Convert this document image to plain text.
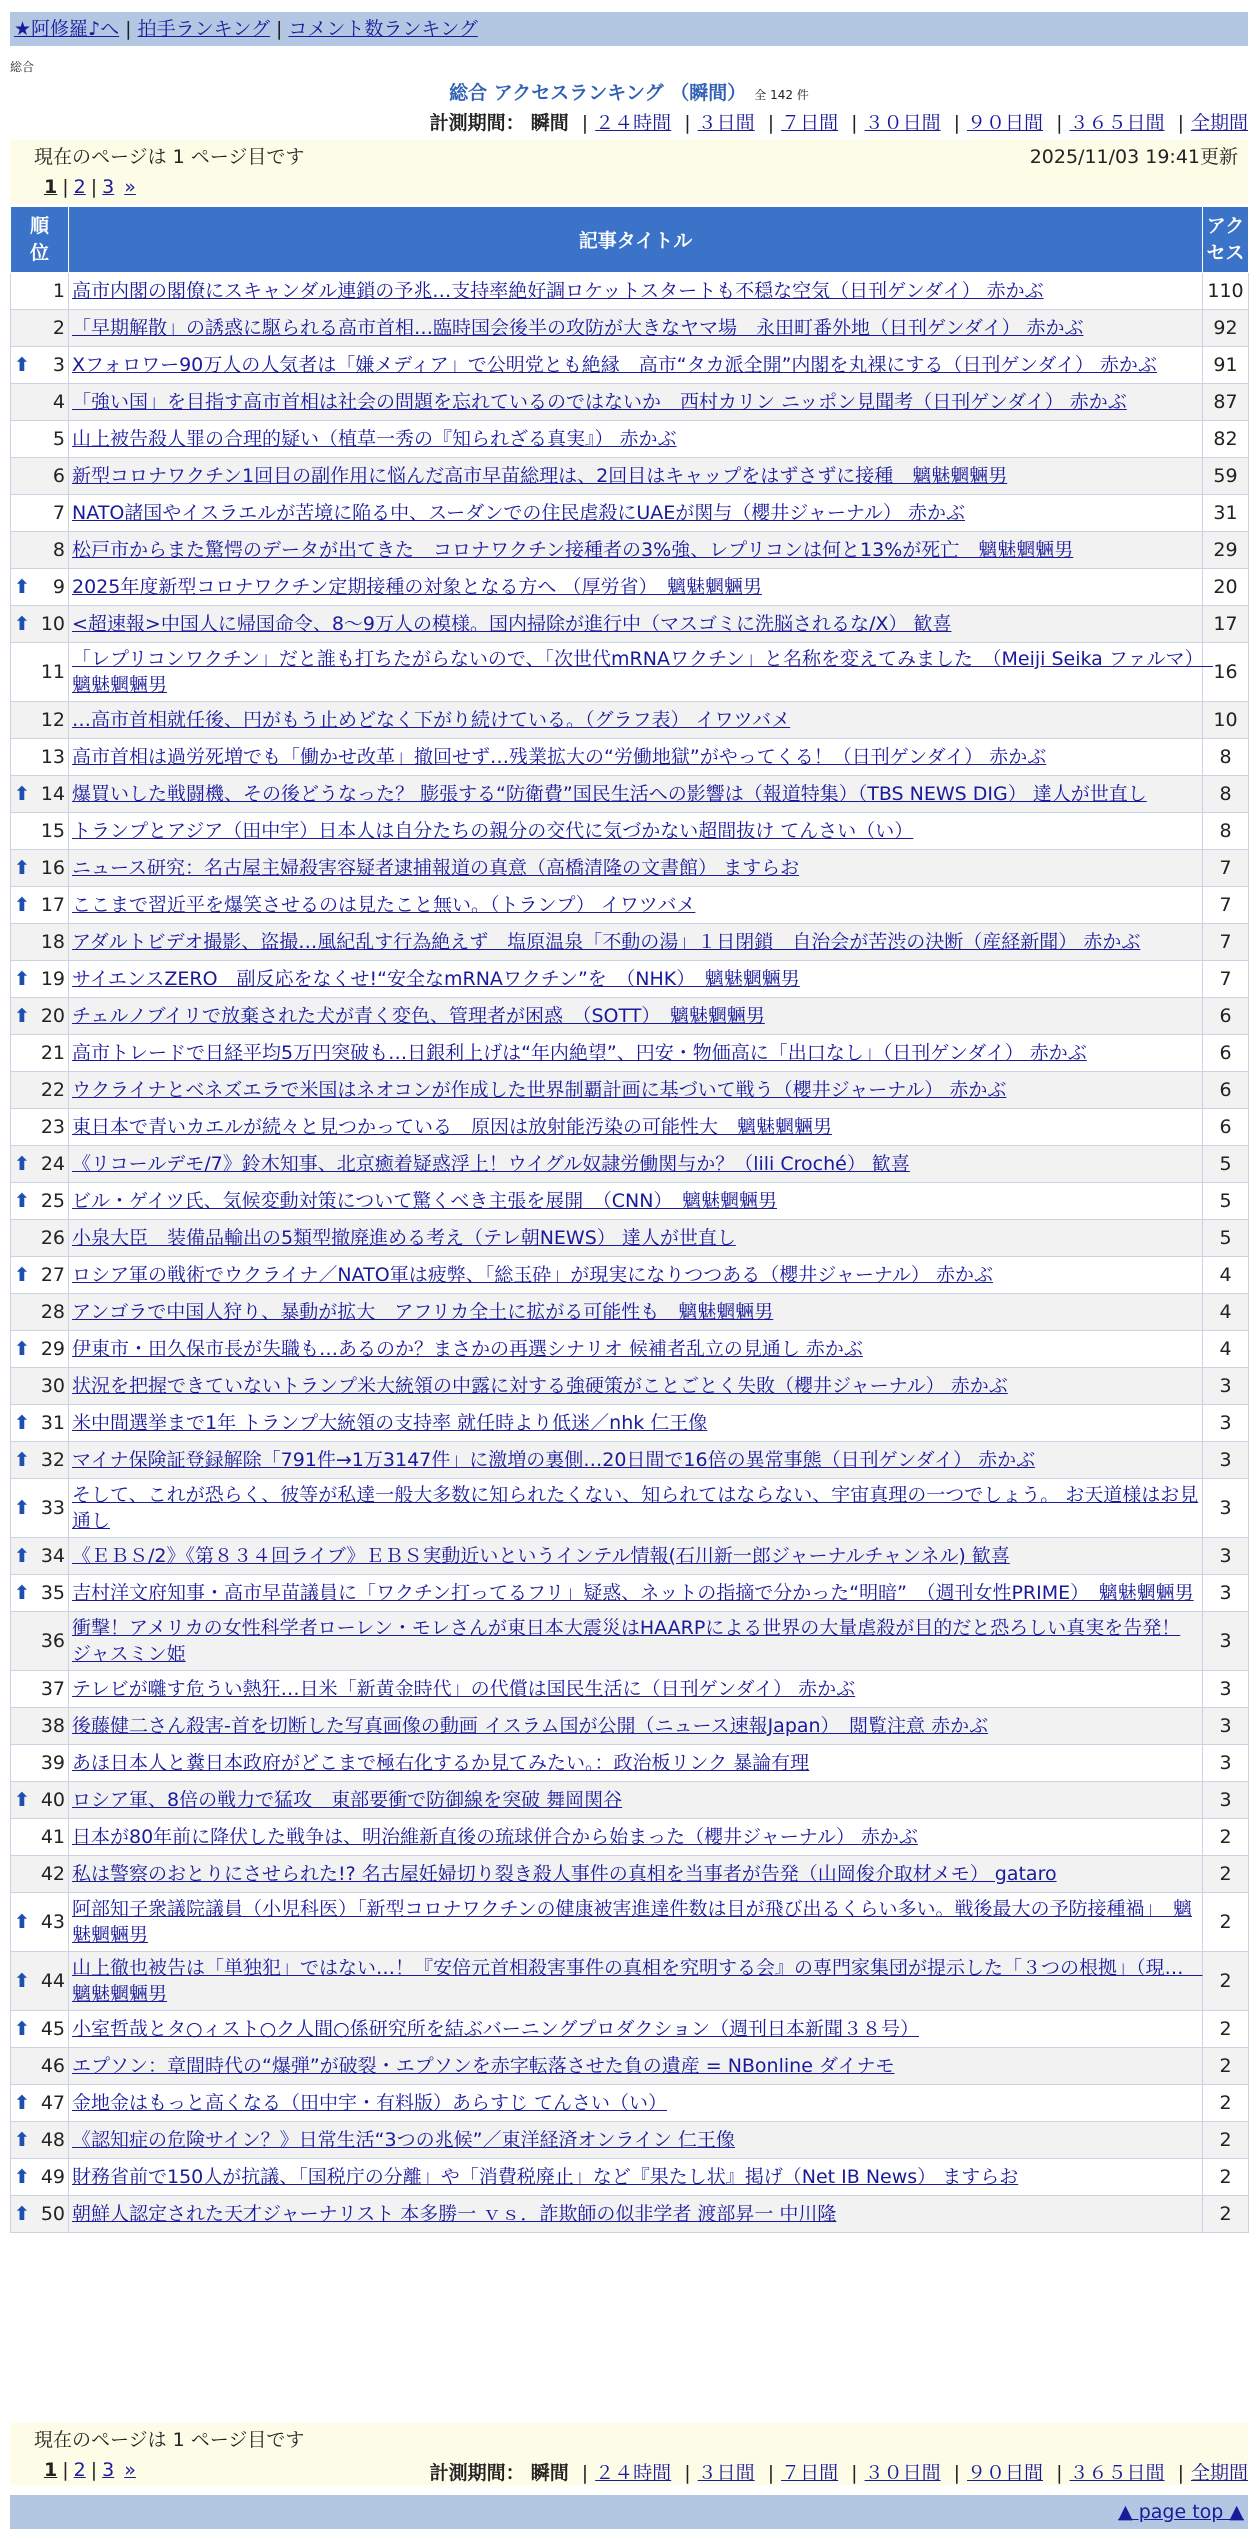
★阿修羅♪へ | 拍手ランキング | コメント数ランキング
総合
総合 アクセスランキング （瞬間） 全 142 件
計測期間： 瞬間 | ２４時間 | ３日間 | ７日間 | ３０日間 | ９０日間 | ３６５日間 | 全期間
現在のページは 1 ページ目です	2025/11/03 19:41更新
1 | 2 | 3 »
順位	記事タイトル	アクセス
1	高市内閣の閣僚にスキャンダル連鎖の予兆…支持率絶好調ロケットスタートも不穏な空気（日刊ゲンダイ） 赤かぶ	110
2	「早期解散」の誘惑に駆られる高市首相…臨時国会後半の攻防が大きなヤマ場　永田町番外地（日刊ゲンダイ） 赤かぶ	92

⬆ 3	Xフォロワー90万人の人気者は「嫌メディア」で公明党とも絶縁　高市“タカ派全開”内閣を丸裸にする（日刊ゲンダイ） 赤かぶ	91
4	「強い国」を目指す高市首相は社会の問題を忘れているのではないか　西村カリン ニッポン見聞考（日刊ゲンダイ） 赤かぶ	87
5	山上被告殺人罪の合理的疑い（植草一秀の『知られざる真実』） 赤かぶ	82
6	新型コロナワクチン1回目の副作用に悩んだ高市早苗総理は、2回目はキャップをはずさずに接種　魑魅魍魎男	59
7	NATO諸国やイスラエルが苦境に陥る中、スーダンでの住民虐殺にUAEが関与（櫻井ジャーナル） 赤かぶ	31
8	松戸市からまた驚愕のデータが出てきた　コロナワクチン接種者の3%強、レプリコンは何と13%が死亡　魑魅魍魎男	29

⬆ 9	2025年度新型コロナワクチン定期接種の対象となる方へ （厚労省）　魑魅魍魎男	20

⬆ 10	<超速報>中国人に帰国命令、8〜9万人の模様。国内掃除が進行中（マスゴミに洗脳されるな/X） 歓喜	17
11	「レプリコンワクチン」だと誰も打ちたがらないので、「次世代mRNAワクチン」と名称を変えてみました　（Meiji Seika ファルマ）　魑魅魍魎男	16
12	…高市首相就任後、円がもう止めどなく下がり続けている。（グラフ表） イワツバメ	10
13	高市首相は過労死増でも「働かせ改革」撤回せず…残業拡大の“労働地獄”がやってくる！（日刊ゲンダイ） 赤かぶ	8

⬆ 14	爆買いした戦闘機、その後どうなった？ 膨張する“防衛費”国民生活への影響は（報道特集）（TBS NEWS DIG） 達人が世直し	8
15	トランプとアジア（田中宇）日本人は自分たちの親分の交代に気づかない超間抜け てんさい（い）	8

⬆ 16	ニュース研究：名古屋主婦殺害容疑者逮捕報道の真意（高橋清隆の文書館） ますらお	7

⬆ 17	ここまで習近平を爆笑させるのは見たこと無い。（トランプ） イワツバメ	7
18	アダルトビデオ撮影、盗撮…風紀乱す行為絶えず　塩原温泉「不動の湯」１日閉鎖　自治会が苦渋の決断（産経新聞） 赤かぶ	7

⬆ 19	サイエンスZERO　副反応をなくせ!“安全なmRNAワクチン”を　（NHK）　魑魅魍魎男	7

⬆ 20	チェルノブイリで放棄された犬が青く変色、管理者が困惑　（SOTT）　魑魅魍魎男	6
21	高市トレードで日経平均5万円突破も…日銀利上げは“年内絶望”、円安・物価高に「出口なし」（日刊ゲンダイ） 赤かぶ	6
22	ウクライナとベネズエラで米国はネオコンが作成した世界制覇計画に基づいて戦う（櫻井ジャーナル） 赤かぶ	6
23	東日本で青いカエルが続々と見つかっている　原因は放射能汚染の可能性大　魑魅魍魎男	6

⬆ 24	《リコールデモ/7》鈴木知事、北京癒着疑惑浮上！ウイグル奴隷労働関与か？（lili Croché） 歓喜	5

⬆ 25	ビル・ゲイツ氏、気候変動対策について驚くべき主張を展開　（CNN）　魑魅魍魎男	5
26	小泉大臣　装備品輸出の5類型撤廃進める考え（テレ朝NEWS） 達人が世直し	5

⬆ 27	ロシア軍の戦術でウクライナ／NATO軍は疲弊、「総玉砕」が現実になりつつある（櫻井ジャーナル） 赤かぶ	4
28	アンゴラで中国人狩り、暴動が拡大　アフリカ全土に拡がる可能性も　魑魅魍魎男	4

⬆ 29	伊東市・田久保市長が失職も…あるのか？まさかの再選シナリオ 候補者乱立の見通し 赤かぶ	4
30	状況を把握できていないトランプ米大統領の中露に対する強硬策がことごとく失敗（櫻井ジャーナル） 赤かぶ	3

⬆ 31	米中間選挙まで1年 トランプ大統領の支持率 就任時より低迷／nhk 仁王像	3

⬆ 32	マイナ保険証登録解除「791件→1万3147件」に激増の裏側…20日間で16倍の異常事態（日刊ゲンダイ） 赤かぶ	3

⬆ 33	そして、これが恐らく、彼等が私達一般大多数に知られたくない、知られてはならない、宇宙真理の一つでしょう。 お天道様はお見通し	3

⬆ 34	《ＥＢＳ/2》《第８３４回ライブ》ＥＢＳ実動近いというインテル情報(石川新一郎ジャーナルチャンネル) 歓喜	3

⬆ 35	吉村洋文府知事・高市早苗議員に「ワクチン打ってるフリ」疑惑、ネットの指摘で分かった“明暗”　（週刊女性PRIME）　魑魅魍魎男	3
36	衝撃！アメリカの女性科学者ローレン・モレさんが東日本大震災はHAARPによる世界の大量虐殺が目的だと恐ろしい真実を告発！ ジャスミン姫	3
37	テレビが囃す危うい熱狂…日米「新黄金時代」の代償は国民生活に（日刊ゲンダイ） 赤かぶ	3
38	後藤健二さん殺害-首を切断した写真画像の動画 イスラム国が公開（ニュース速報Japan）　閲覧注意 赤かぶ	3
39	あほ日本人と糞日本政府がどこまで極右化するか見てみたい。：政治板リンク 暴論有理	3

⬆ 40	ロシア軍、8倍の戦力で猛攻　東部要衝で防御線を突破 舞岡関谷	3
41	日本が80年前に降伏した戦争は、明治維新直後の琉球併合から始まった（櫻井ジャーナル） 赤かぶ	2
42	私は警察のおとりにさせられた!? 名古屋妊婦切り裂き殺人事件の真相を当事者が告発（山岡俊介取材メモ） gataro	2

⬆ 43	阿部知子衆議院議員（小児科医）「新型コロナワクチンの健康被害進達件数は目が飛び出るくらい多い。戦後最大の予防接種禍」　魑魅魍魎男	2

⬆ 44	山上徹也被告は「単独犯」ではない…！『安倍元首相殺害事件の真相を究明する会』の専門家集団が提示した「３つの根拠」（現…　魑魅魍魎男	2

⬆ 45	小室哲哉とタ○ィスト○ク人間○係研究所を結ぶバーニングプロダクション（週刊日本新聞３８号）	2
46	エプソン：章間時代の“爆弾”が破裂・エプソンを赤字転落させた負の遺産 = NBonline ダイナモ	2

⬆ 47	金地金はもっと高くなる（田中宇・有料版）あらすじ てんさい（い）	2

⬆ 48	《認知症の危険サイン？》日常生活“3つの兆候”／東洋経済オンライン 仁王像	2

⬆ 49	財務省前で150人が抗議、「国税庁の分離」や「消費税廃止」など『果たし状』掲げ（Net IB News） ますらお	2

⬆ 50	朝鮮人認定された天才ジャーナリスト 本多勝一 ｖｓ．詐欺師の似非学者 渡部昇一 中川隆	2
現在のページは 1 ページ目です
1 | 2 | 3 »	計測期間： 瞬間 | ２４時間 | ３日間 | ７日間 | ３０日間 | ９０日間 | ３６５日間 | 全期間
▲ page top ▲
